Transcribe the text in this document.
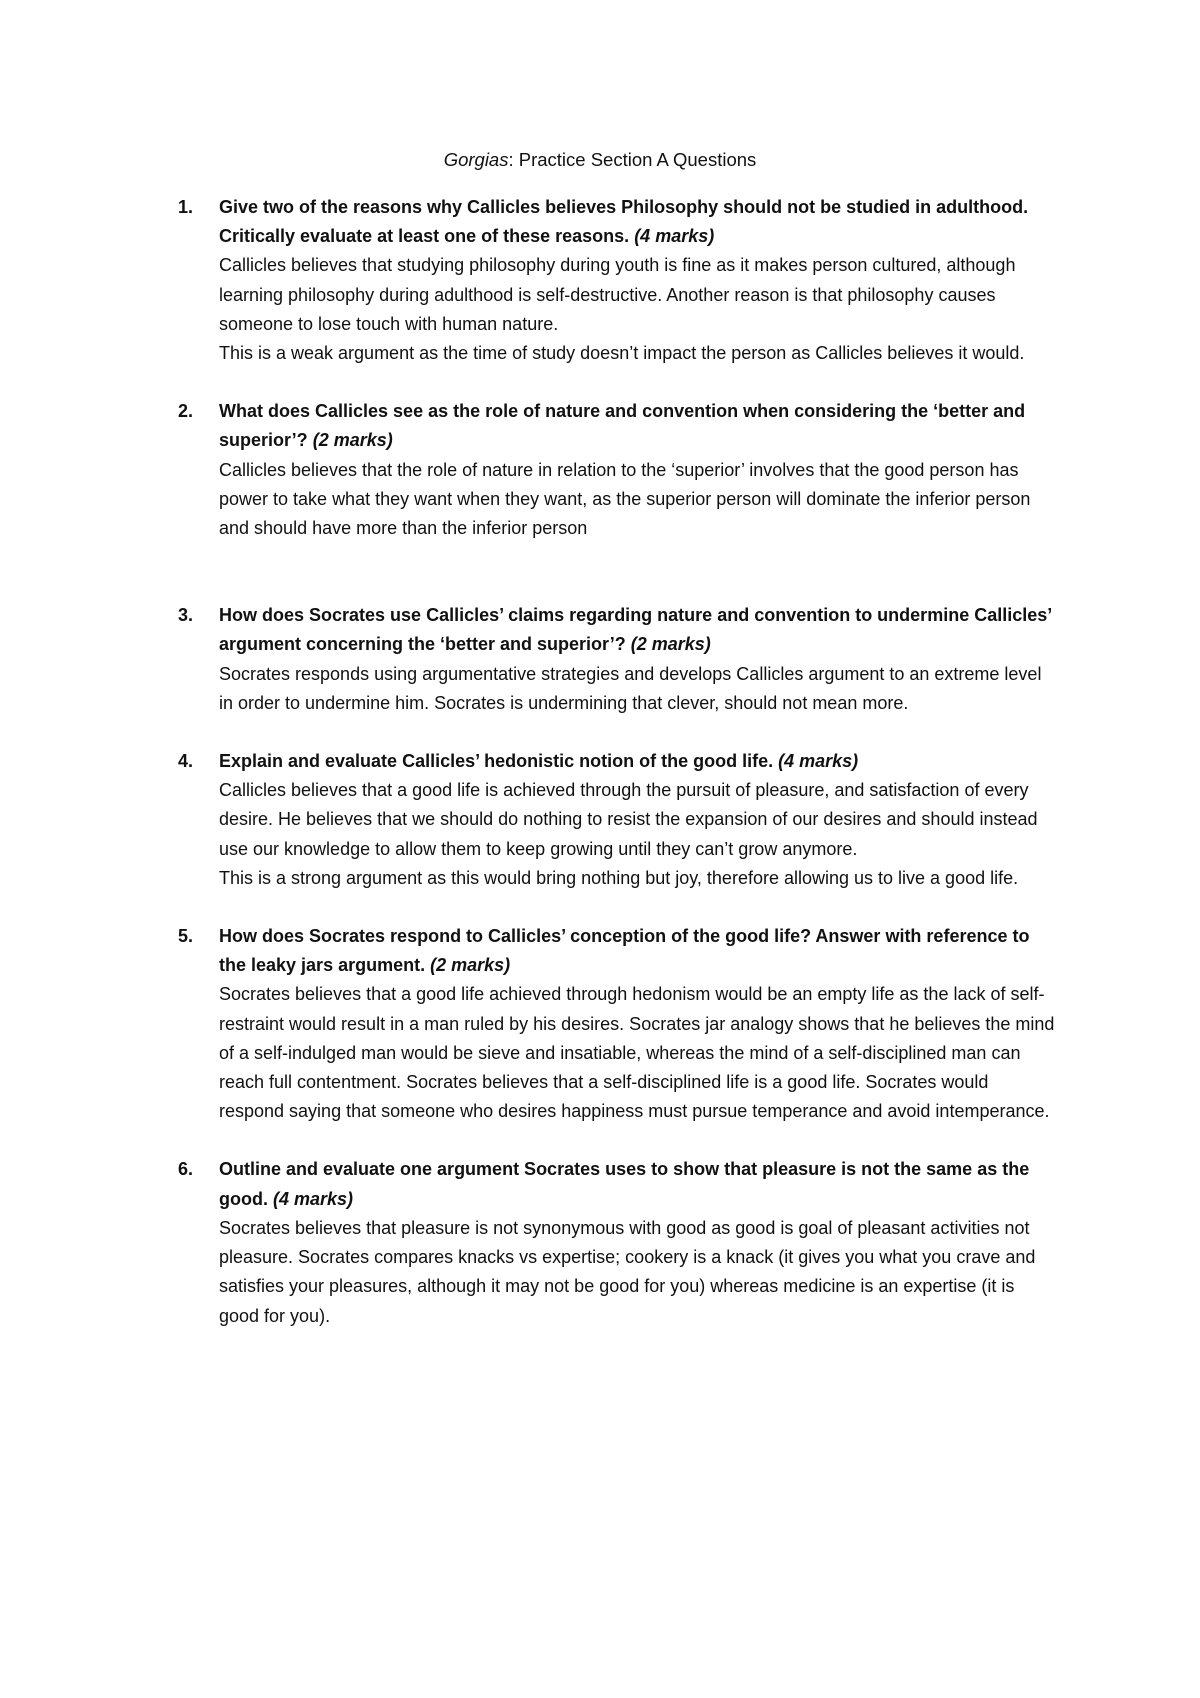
Gorgias: Practice Section A Questions
1. Give two of the reasons why Callicles believes Philosophy should not be studied in adulthood. Critically evaluate at least one of these reasons. (4 marks)

Callicles believes that studying philosophy during youth is fine as it makes person cultured, although learning philosophy during adulthood is self-destructive. Another reason is that philosophy causes someone to lose touch with human nature.

This is a weak argument as the time of study doesn’t impact the person as Callicles believes it would.

2. What does Callicles see as the role of nature and convention when considering the ‘better and superior’? (2 marks)

Callicles believes that the role of nature in relation to the ‘superior’ involves that the good person has power to take what they want when they want, as the superior person will dominate the inferior person and should have more than the inferior person

3. How does Socrates use Callicles’ claims regarding nature and convention to undermine Callicles’ argument concerning the ‘better and superior’? (2 marks)

Socrates responds using argumentative strategies and develops Callicles argument to an extreme level in order to undermine him. Socrates is undermining that clever, should not mean more.

4. Explain and evaluate Callicles’ hedonistic notion of the good life. (4 marks)

Callicles believes that a good life is achieved through the pursuit of pleasure, and satisfaction of every desire. He believes that we should do nothing to resist the expansion of our desires and should instead use our knowledge to allow them to keep growing until they can’t grow anymore.

This is a strong argument as this would bring nothing but joy, therefore allowing us to live a good life.

5. How does Socrates respond to Callicles’ conception of the good life? Answer with reference to the leaky jars argument. (2 marks)

Socrates believes that a good life achieved through hedonism would be an empty life as the lack of self-restraint would result in a man ruled by his desires. Socrates jar analogy shows that he believes the mind of a self-indulged man would be sieve and insatiable, whereas the mind of a self-disciplined man can reach full contentment. Socrates believes that a self-disciplined life is a good life. Socrates would respond saying that someone who desires happiness must pursue temperance and avoid intemperance.

6. Outline and evaluate one argument Socrates uses to show that pleasure is not the same as the good. (4 marks)

Socrates believes that pleasure is not synonymous with good as good is goal of pleasant activities not pleasure. Socrates compares knacks vs expertise; cookery is a knack (it gives you what you crave and satisfies your pleasures, although it may not be good for you) whereas medicine is an expertise (it is good for you).
